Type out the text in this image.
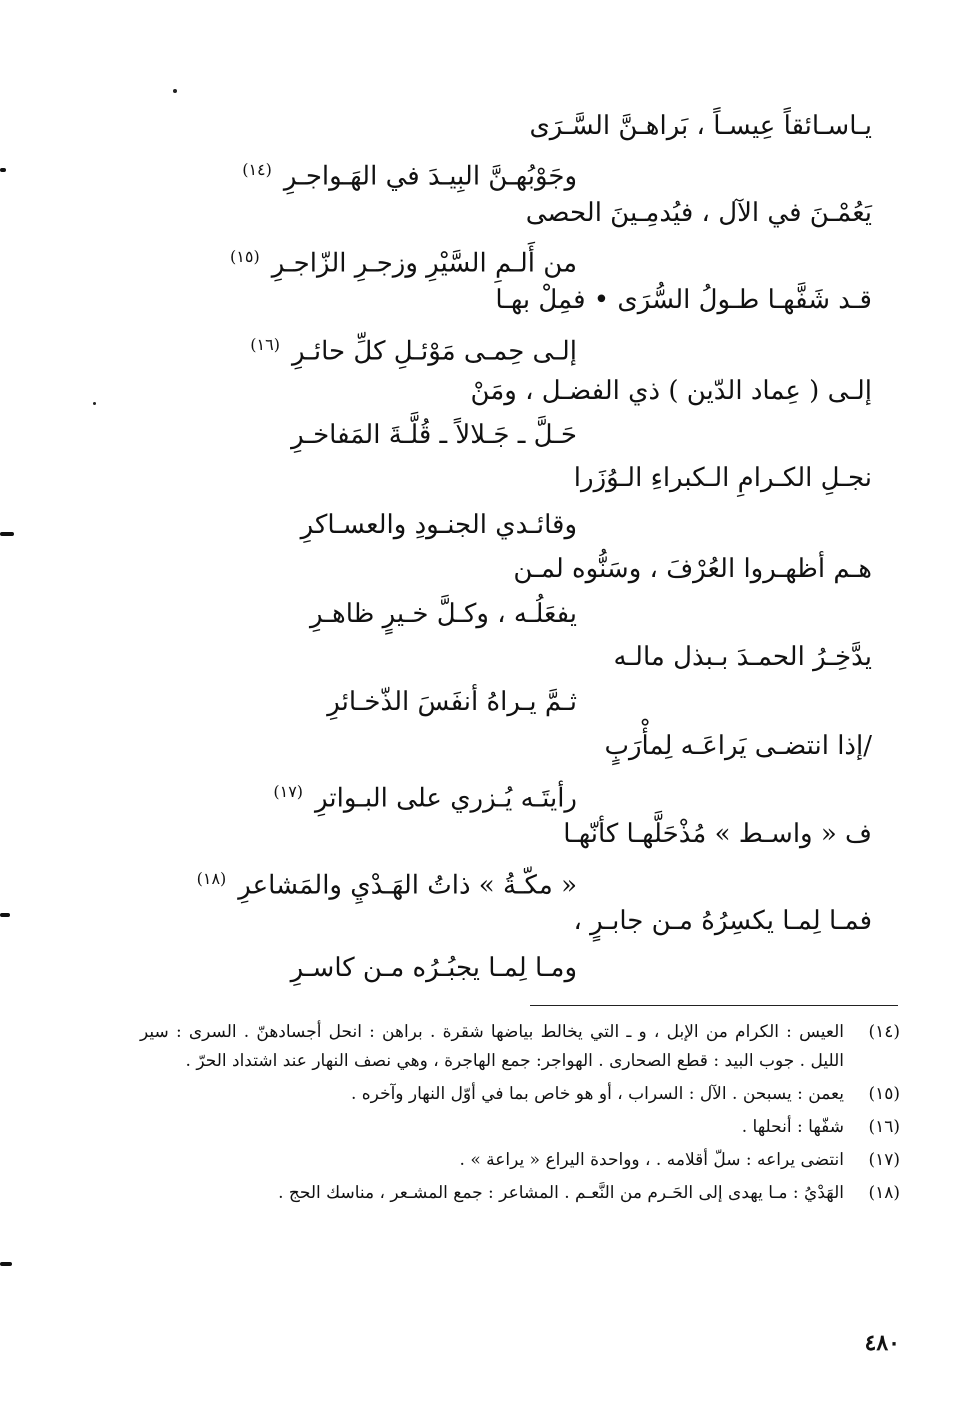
يـاسـائقاً عِيسـاً ، بَراهـنَّ السَّـرَى
وجَوْبُهـنَّ البِيـدَ في الهَـواجـرِ$^{(١٤)}$
يَعُمْـنَ في الآل ، فيُدمِـينَ الحصى
من أَلـمِ السَّيْرِ وزجـرِ الزّاجـرِ$^{(١٥)}$
قـد شَفَّهـا طـولُ السُّرَى • فمِلْ بهـا
إلـى حِمـى مَوْئـلِ كلِّ حائـرِ$^{(١٦)}$
إلـى ( عِماد الدّين ) ذي الفضـل ، ومَنْ
حَـلَّ ـ جَـلالاً ـ قُلَّـةَ المَفاخـرِ
نجـلِ الكـرامِ الـكبراءِ الـوُزَرا
وقائـدي الجنـودِ والعسـاكرِ
هـم أظهـروا العُرْفَ ، وسَنُّوه لمـن
يفعَلُـه ، وكـلَّ خـيرٍ ظاهـرِ
يدَّخِـرُ الحمـدَ بـبذل مالـه
ثـمَّ يـراهُ أنفَسَ الذّخـائرِ
/إذا انتضـى يَراعَـه لِمأْرَبٍ
رأيتَـه يُـزري على البـواترِ$^{(١٧)}$
ف « واسـط » مُذْحَلَّهـا كأنّهـا
« مكّـةُ » ذاتُ الهَـدْيِ والمَشاعرِ$^{(١٨)}$
فمـا لِمـا يكسِرُهُ مـن جابـرٍ ،
ومـا لِمـا يجبُـرُه مـن كاسـرِ
(١٤)
العيس : الكرام من الإبل ، و ـ التي يخالط بياضها شقرة . براهن : انحل أجسادهنّ . السرى : سير الليل . جوب البيد : قطع الصحارى . الهواجر: جمع الهاجرة ، وهي نصف النهار عند اشتداد الحرّ .
(١٥)
يعمن : يسبحن . الآل : السراب ، أو هو خاص بما في أوّل النهار وآخره .
(١٦)
شفّها : أنحلها .
(١٧)
انتضى يراعه : سلّ أقلامه . ، وواحدة اليراع « يراعة » .
(١٨)
الهَدْيُ : مـا يهدى إلى الحَـرم من النَّعـم . المشاعر : جمع المشـعر ، مناسك الحج .
٤٨٠
